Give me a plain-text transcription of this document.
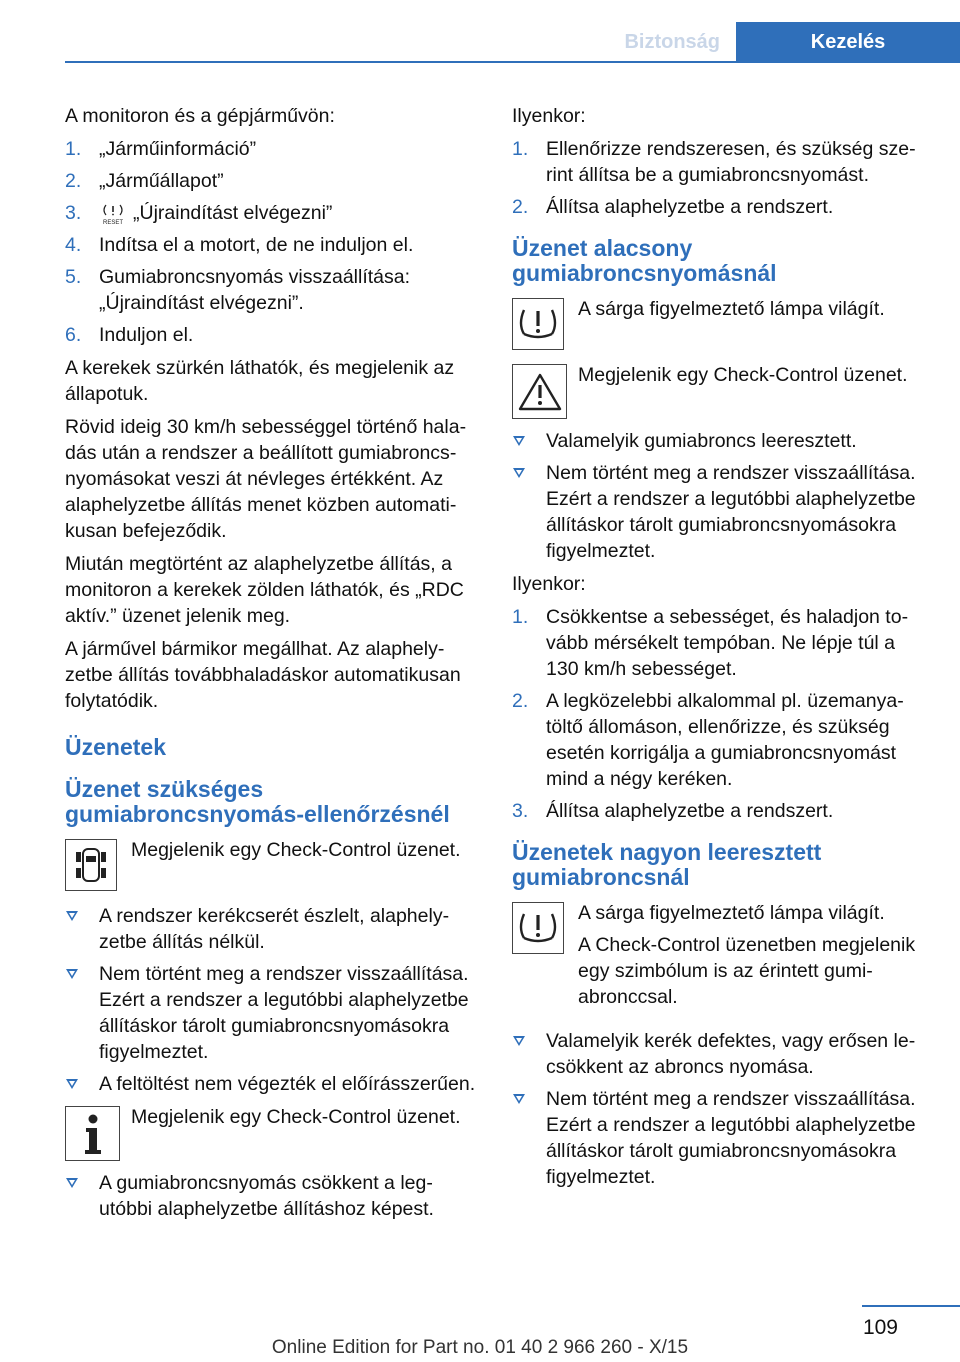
Biztonság	Kezelés

A monitoron és a gépjárművön:

1. „Járműinformáció”
2. „Járműállapot”
3.	RESET „Újraindítást elvégezni”
4. Indítsa el a motort, de ne induljon el.
5. Gumiabroncsnyomás visszaállítása: „Újraindítást elvégezni”.
6. Induljon el.

A kerekek szürkén láthatók, és megjelenik az állapotuk.

Rövid ideig 30 km/h sebességgel történő haladás után a rendszer a beállított gumiabroncsnyomásokat veszi át névleges értékként. Az alaphelyzetbe állítás menet közben automatikusan befejeződik.

Miután megtörtént az alaphelyzetbe állítás, a monitoron a kerekek zölden láthatók, és „RDC aktív.” üzenet jelenik meg.

A járművel bármikor megállhat. Az alaphelyzetbe állítás továbbhaladáskor automatikusan folytatódik.

Üzenetek
Üzenet szükséges gumiabroncsnyomás-ellenőrzésnél
Megjelenik egy Check-Control üzenet.
A rendszer kerékcserét észlelt, alaphelyzetbe állítás nélkül.
Nem történt meg a rendszer visszaállítása. Ezért a rendszer a legutóbbi alaphelyzetbe állításkor tárolt gumiabroncsnyomásokra figyelmeztet.
A feltöltést nem végezték el előírásszerűen.
Megjelenik egy Check-Control üzenet.
A gumiabroncsnyomás csökkent a legutóbbi alaphelyzetbe állításhoz képest.

Ilyenkor:

1. Ellenőrizze rendszeresen, és szükség szerint állítsa be a gumiabroncsnyomást.
2. Állítsa alaphelyzetbe a rendszert.
Üzenet alacsony gumiabroncsnyomásnál
A sárga figyelmeztető lámpa világít.
Megjelenik egy Check-Control üzenet.
Valamelyik gumiabroncs leeresztett.
Nem történt meg a rendszer visszaállítása. Ezért a rendszer a legutóbbi alaphelyzetbe állításkor tárolt gumiabroncsnyomásokra figyelmeztet.

Ilyenkor:

1. Csökkentse a sebességet, és haladjon tovább mérsékelt tempóban. Ne lépje túl a 130 km/h sebességet.
2. A legközelebbi alkalommal pl. üzemanyatöltő állomáson, ellenőrizze, és szükség esetén korrigálja a gumiabroncsnyomást mind a négy keréken.
3. Állítsa alaphelyzetbe a rendszert.
Üzenetek nagyon leeresztett gumiabroncsnál
A sárga figyelmeztető lámpa világít.
A Check-Control üzenetben megjelenik egy szimbólum is az érintett gumiabronccsal.
Valamelyik kerék defektes, vagy erősen lecsökkent az abroncs nyomása.
Nem történt meg a rendszer visszaállítása. Ezért a rendszer a legutóbbi alaphelyzetbe állításkor tárolt gumiabroncsnyomásokra figyelmeztet.
109
Online Edition for Part no. 01 40 2 966 260 - X/15
